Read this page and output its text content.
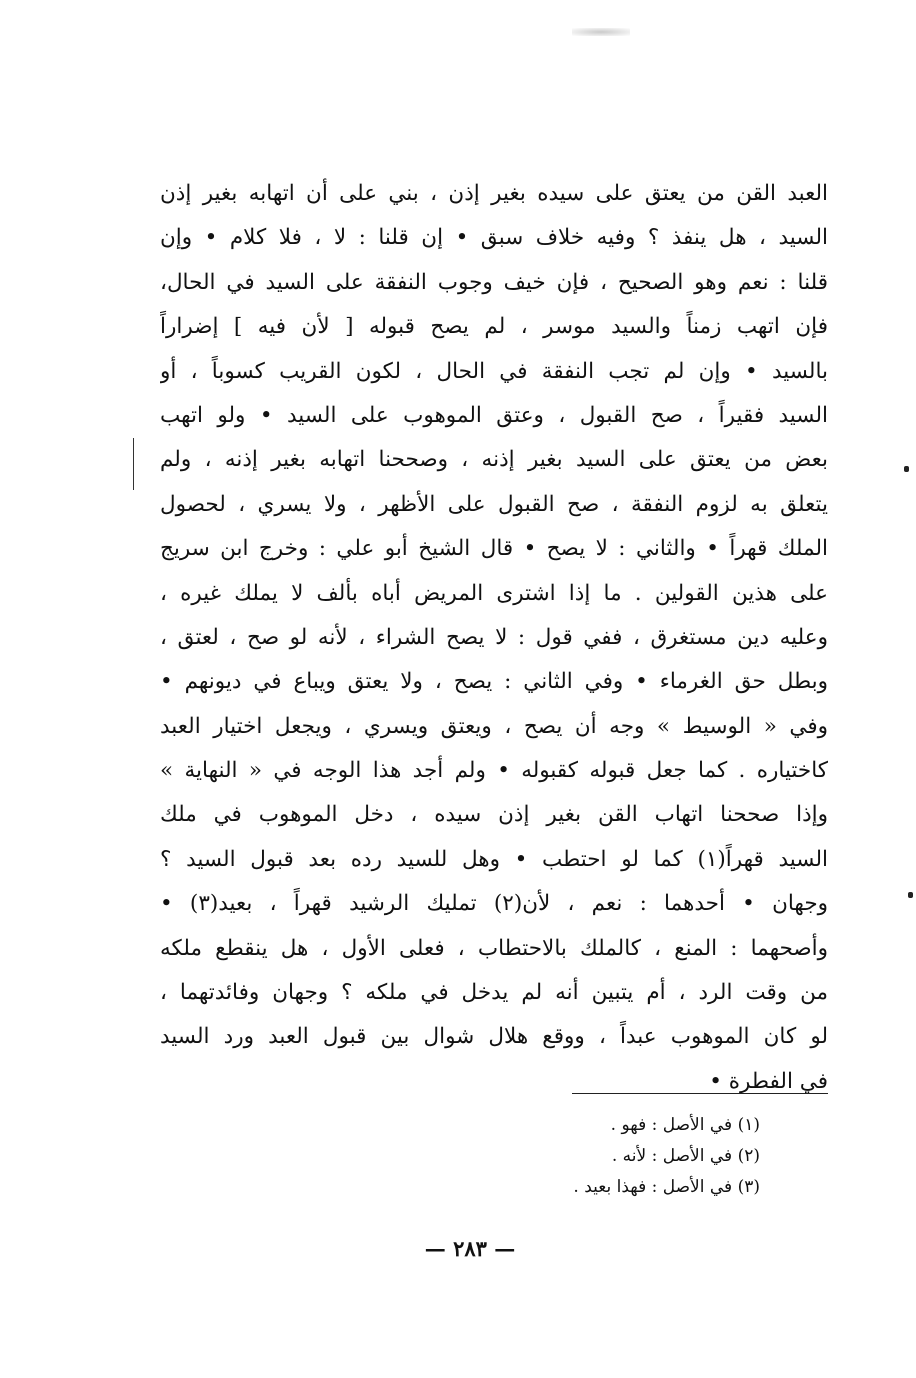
العبد القن من يعتق على سيده بغير إذن ، بني على أن اتهابه بغير إذن
السيد ، هل ينفذ ؟ وفيه خلاف سبق • إن قلنا : لا ، فلا كلام • وإن
قلنا : نعم وهو الصحيح ، فإن خيف وجوب النفقة على السيد في الحال،
فإن اتهب زمناً والسيد موسر ، لم يصح قبوله [ لأن فيه ] إضراراً
بالسيد • وإن لم تجب النفقة في الحال ، لكون القريب كسوباً ، أو
السيد فقيراً ، صح القبول ، وعتق الموهوب على السيد • ولو اتهب
بعض من يعتق على السيد بغير إذنه ، وصححنا اتهابه بغير إذنه ، ولم
يتعلق به لزوم النفقة ، صح القبول على الأظهر ، ولا يسري ، لحصول
الملك قهراً • والثاني : لا يصح • قال الشيخ أبو علي : وخرج ابن سريج
على هذين القولين . ما إذا اشترى المريض أباه بألف لا يملك غيره ،
وعليه دين مستغرق ، ففي قول : لا يصح الشراء ، لأنه لو صح ، لعتق ،
وبطل حق الغرماء • وفي الثاني : يصح ، ولا يعتق ويباع في ديونهم •
وفي « الوسيط » وجه أن يصح ، ويعتق ويسري ، ويجعل اختيار العبد
كاختياره . كما جعل قبوله كقبوله • ولم أجد هذا الوجه في « النهاية »
وإذا صححنا اتهاب القن بغير إذن سيده ، دخل الموهوب في ملك
السيد قهراً(١) كما لو احتطب • وهل للسيد رده بعد قبول السيد ؟
وجهان • أحدهما : نعم ، لأن(٢) تمليك الرشيد قهراً ، بعيد(٣) •
وأصحهما : المنع ، كالملك بالاحتطاب ، فعلى الأول ، هل ينقطع ملكه
من وقت الرد ، أم يتبين أنه لم يدخل في ملكه ؟ وجهان وفائدتهما ،
لو كان الموهوب عبداً ، ووقع هلال شوال بين قبول العبد ورد السيد
في الفطرة •
(١) في الأصل : فهو .
(٢) في الأصل : لأنه .
(٣) في الأصل : فهذا بعيد .
— ٢٨٣ —
